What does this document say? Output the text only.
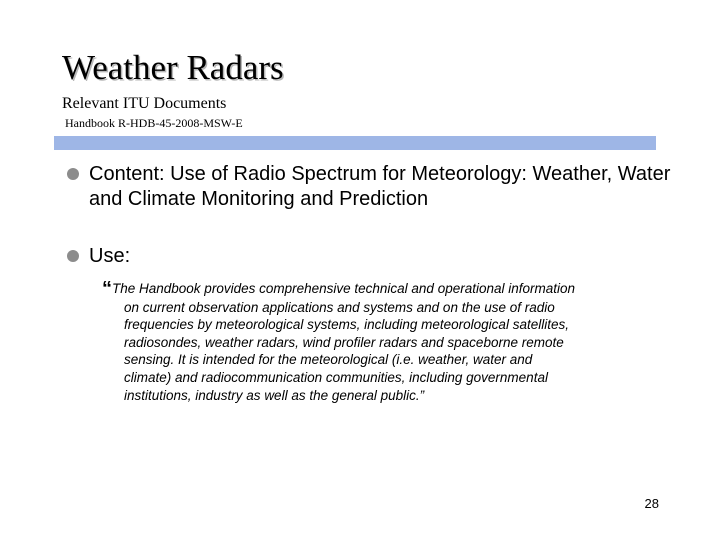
Weather Radars
Relevant ITU Documents
Handbook R-HDB-45-2008-MSW-E
Content: Use of Radio Spectrum for Meteorology: Weather, Water and Climate Monitoring and Prediction
Use:
“The Handbook provides comprehensive technical and operational information
on current observation applications and systems and on the use of radio
frequencies by meteorological systems, including meteorological satellites,
radiosondes, weather radars, wind profiler radars and spaceborne remote
sensing. It is intended for the meteorological (i.e. weather, water and
climate) and radiocommunication communities, including governmental
institutions, industry as well as the general public.”
28
